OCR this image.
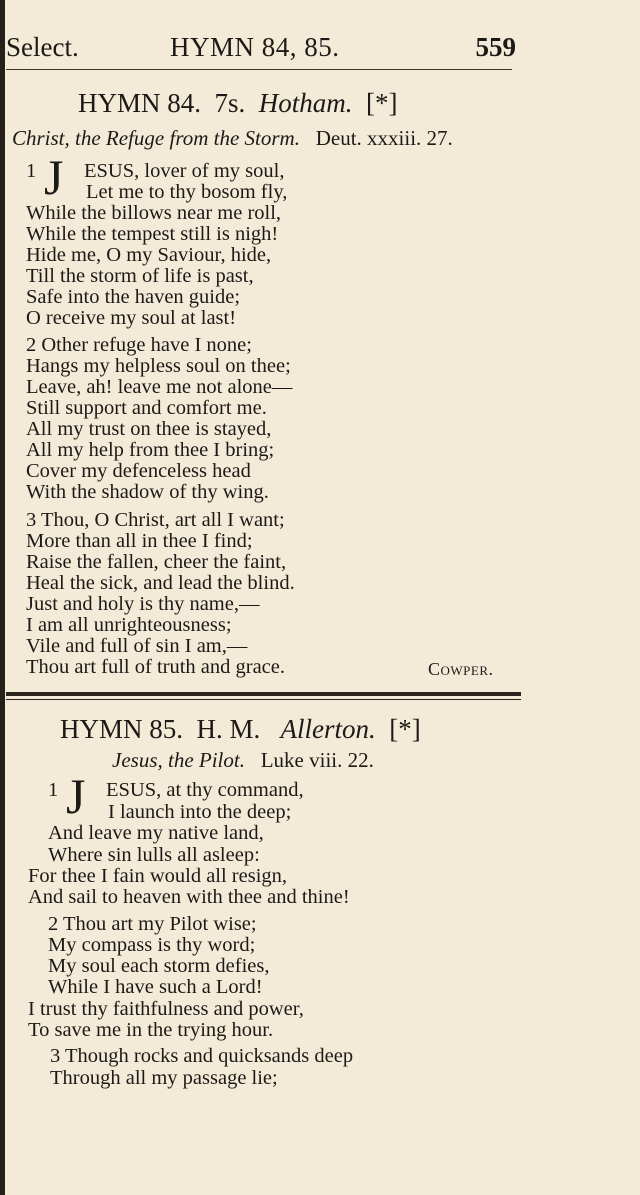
Select.	HYMN 84, 85.	559
HYMN 84. 7s. Hotham. [*]
Christ, the Refuge from the Storm. Deut. xxxiii. 27.
1 J ESUS, lover of my soul,
Let me to thy bosom fly,
While the billows near me roll,
While the tempest still is nigh!
Hide me, O my Saviour, hide,
Till the storm of life is past,
Safe into the haven guide;
O receive my soul at last!
2 Other refuge have I none;
Hangs my helpless soul on thee;
Leave, ah! leave me not alone—
Still support and comfort me.
All my trust on thee is stayed,
All my help from thee I bring;
Cover my defenceless head
With the shadow of thy wing.
3 Thou, O Christ, art all I want;
More than all in thee I find;
Raise the fallen, cheer the faint,
Heal the sick, and lead the blind.
Just and holy is thy name,—
I am all unrighteousness;
Vile and full of sin I am,—
Thou art full of truth and grace.	Cowper.
HYMN 85. H. M. Allerton. [*]
Jesus, the Pilot. Luke viii. 22.
1 J ESUS, at thy command,
I launch into the deep;
And leave my native land,
Where sin lulls all asleep:
For thee I fain would all resign,
And sail to heaven with thee and thine!
2 Thou art my Pilot wise;
My compass is thy word;
My soul each storm defies,
While I have such a Lord!
I trust thy faithfulness and power,
To save me in the trying hour.
3 Though rocks and quicksands deep
Through all my passage lie;
